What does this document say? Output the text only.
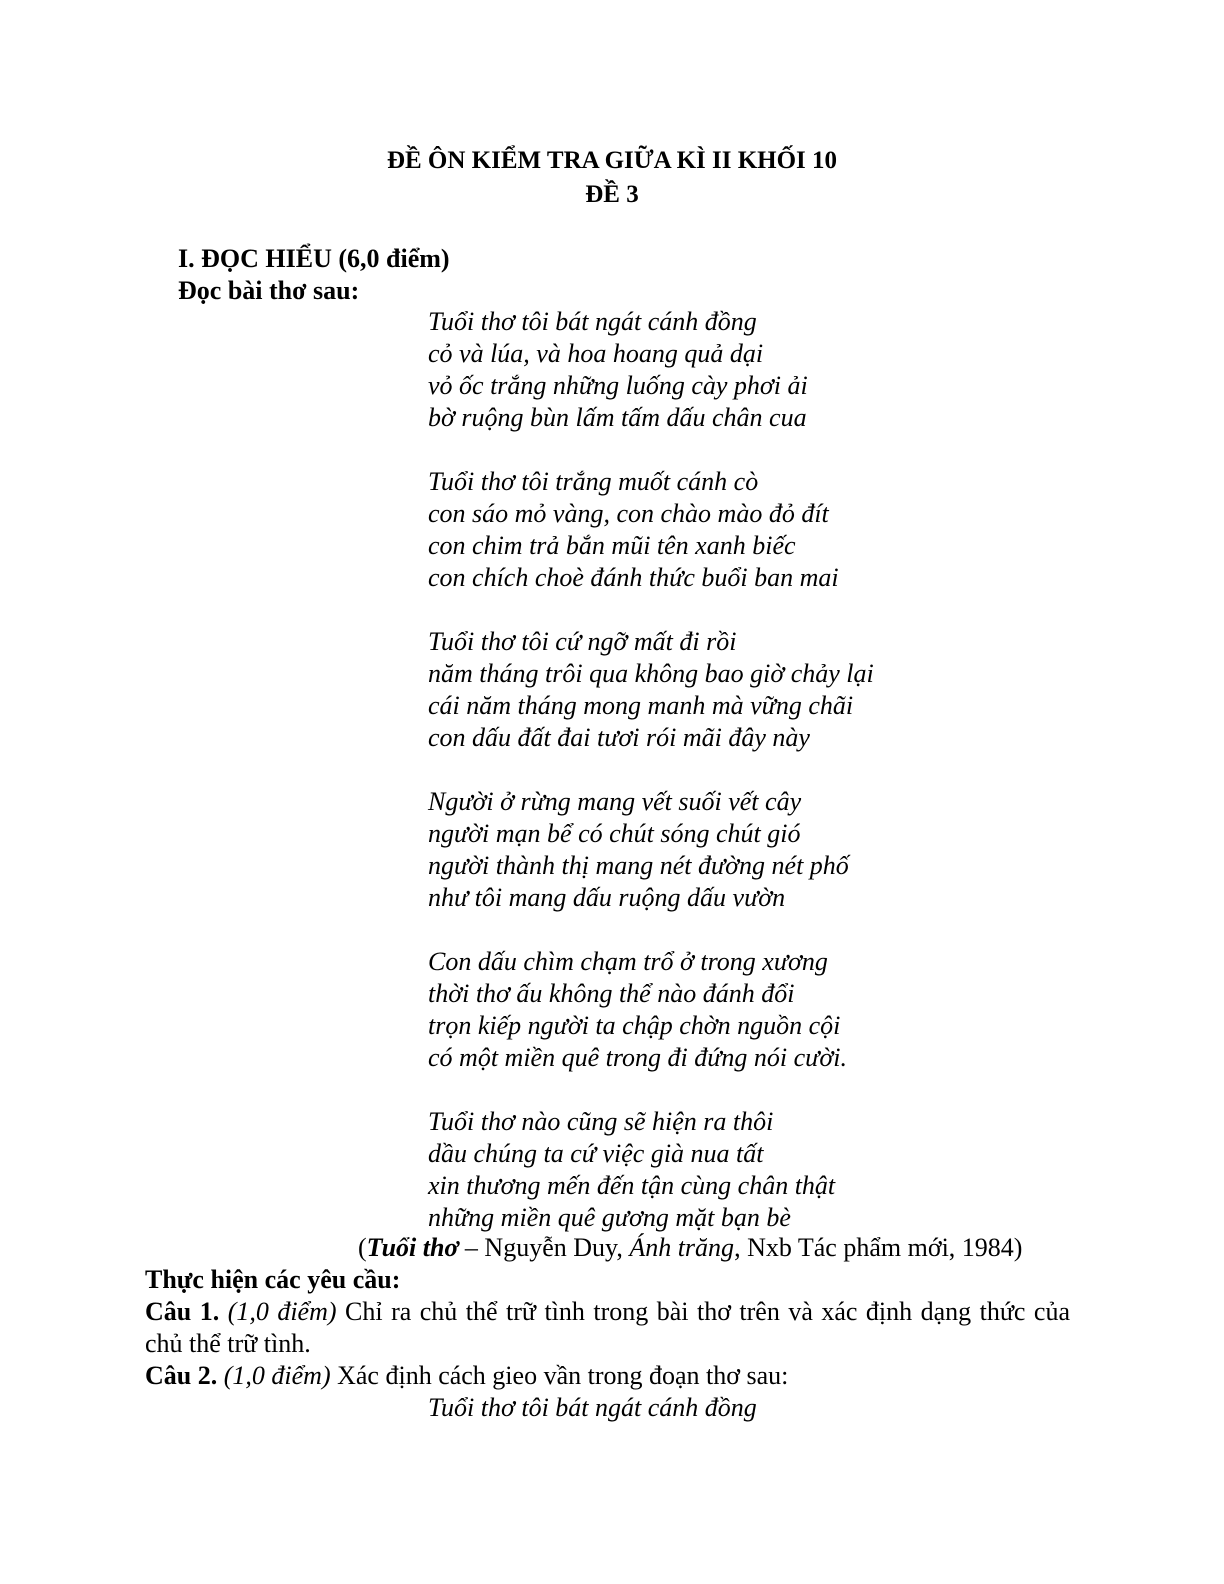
ĐỀ ÔN KIỂM TRA GIỮA KÌ II KHỐI 10
ĐỀ 3
I. ĐỌC HIỂU (6,0 điểm)
Đọc bài thơ sau:
Tuổi thơ tôi bát ngát cánh đồng
cỏ và lúa, và hoa hoang quả dại
vỏ ốc trắng những luống cày phơi ải
bờ ruộng bùn lấm tấm dấu chân cua
Tuổi thơ tôi trắng muốt cánh cò
con sáo mỏ vàng, con chào mào đỏ đít
con chim trả bắn mũi tên xanh biếc
con chích choè đánh thức buổi ban mai
Tuổi thơ tôi cứ ngỡ mất đi rồi
năm tháng trôi qua không bao giờ chảy lại
cái năm tháng mong manh mà vững chãi
con dấu đất đai tươi rói mãi đây này
Người ở rừng mang vết suối vết cây
người mạn bể có chút sóng chút gió
người thành thị mang nét đường nét phố
như tôi mang dấu ruộng dấu vườn
Con dấu chìm chạm trổ ở trong xương
thời thơ ấu không thể nào đánh đổi
trọn kiếp người ta chập chờn nguồn cội
có một miền quê trong đi đứng nói cười.
Tuổi thơ nào cũng sẽ hiện ra thôi
dầu chúng ta cứ việc già nua tất
xin thương mến đến tận cùng chân thật
những miền quê gương mặt bạn bè
(Tuổi thơ – Nguyễn Duy, Ánh trăng, Nxb Tác phẩm mới, 1984)
Thực hiện các yêu cầu:
Câu 1. (1,0 điểm) Chỉ ra chủ thể trữ tình trong bài thơ trên và xác định dạng thức của chủ thể trữ tình.
Câu 2. (1,0 điểm) Xác định cách gieo vần trong đoạn thơ sau:
Tuổi thơ tôi bát ngát cánh đồng
